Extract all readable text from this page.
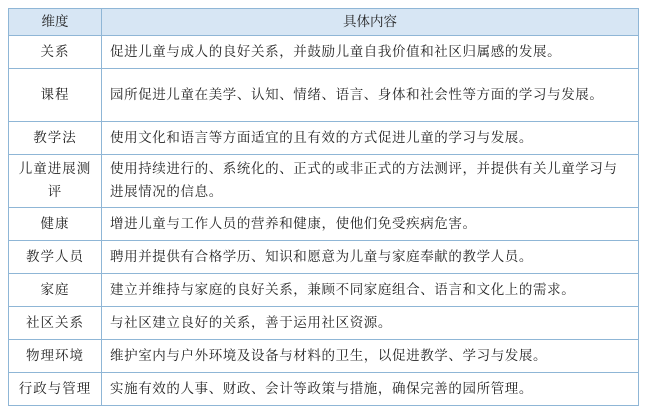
维度	具体内容
关系	促进儿童与成人的良好关系，并鼓励儿童自我价值和社区归属感的发展。
课程	园所促进儿童在美学、认知、情绪、语言、身体和社会性等方面的学习与发展。
教学法	使用文化和语言等方面适宜的且有效的方式促进儿童的学习与发展。
儿童进展测评	使用持续进行的、系统化的、正式的或非正式的方法测评，并提供有关儿童学习与进展情况的信息。
健康	增进儿童与工作人员的营养和健康，使他们免受疾病危害。
教学人员	聘用并提供有合格学历、知识和愿意为儿童与家庭奉献的教学人员。
家庭	建立并维持与家庭的良好关系，兼顾不同家庭组合、语言和文化上的需求。
社区关系	与社区建立良好的关系，善于运用社区资源。
物理环境	维护室内与户外环境及设备与材料的卫生，以促进教学、学习与发展。
行政与管理	实施有效的人事、财政、会计等政策与措施，确保完善的园所管理。
